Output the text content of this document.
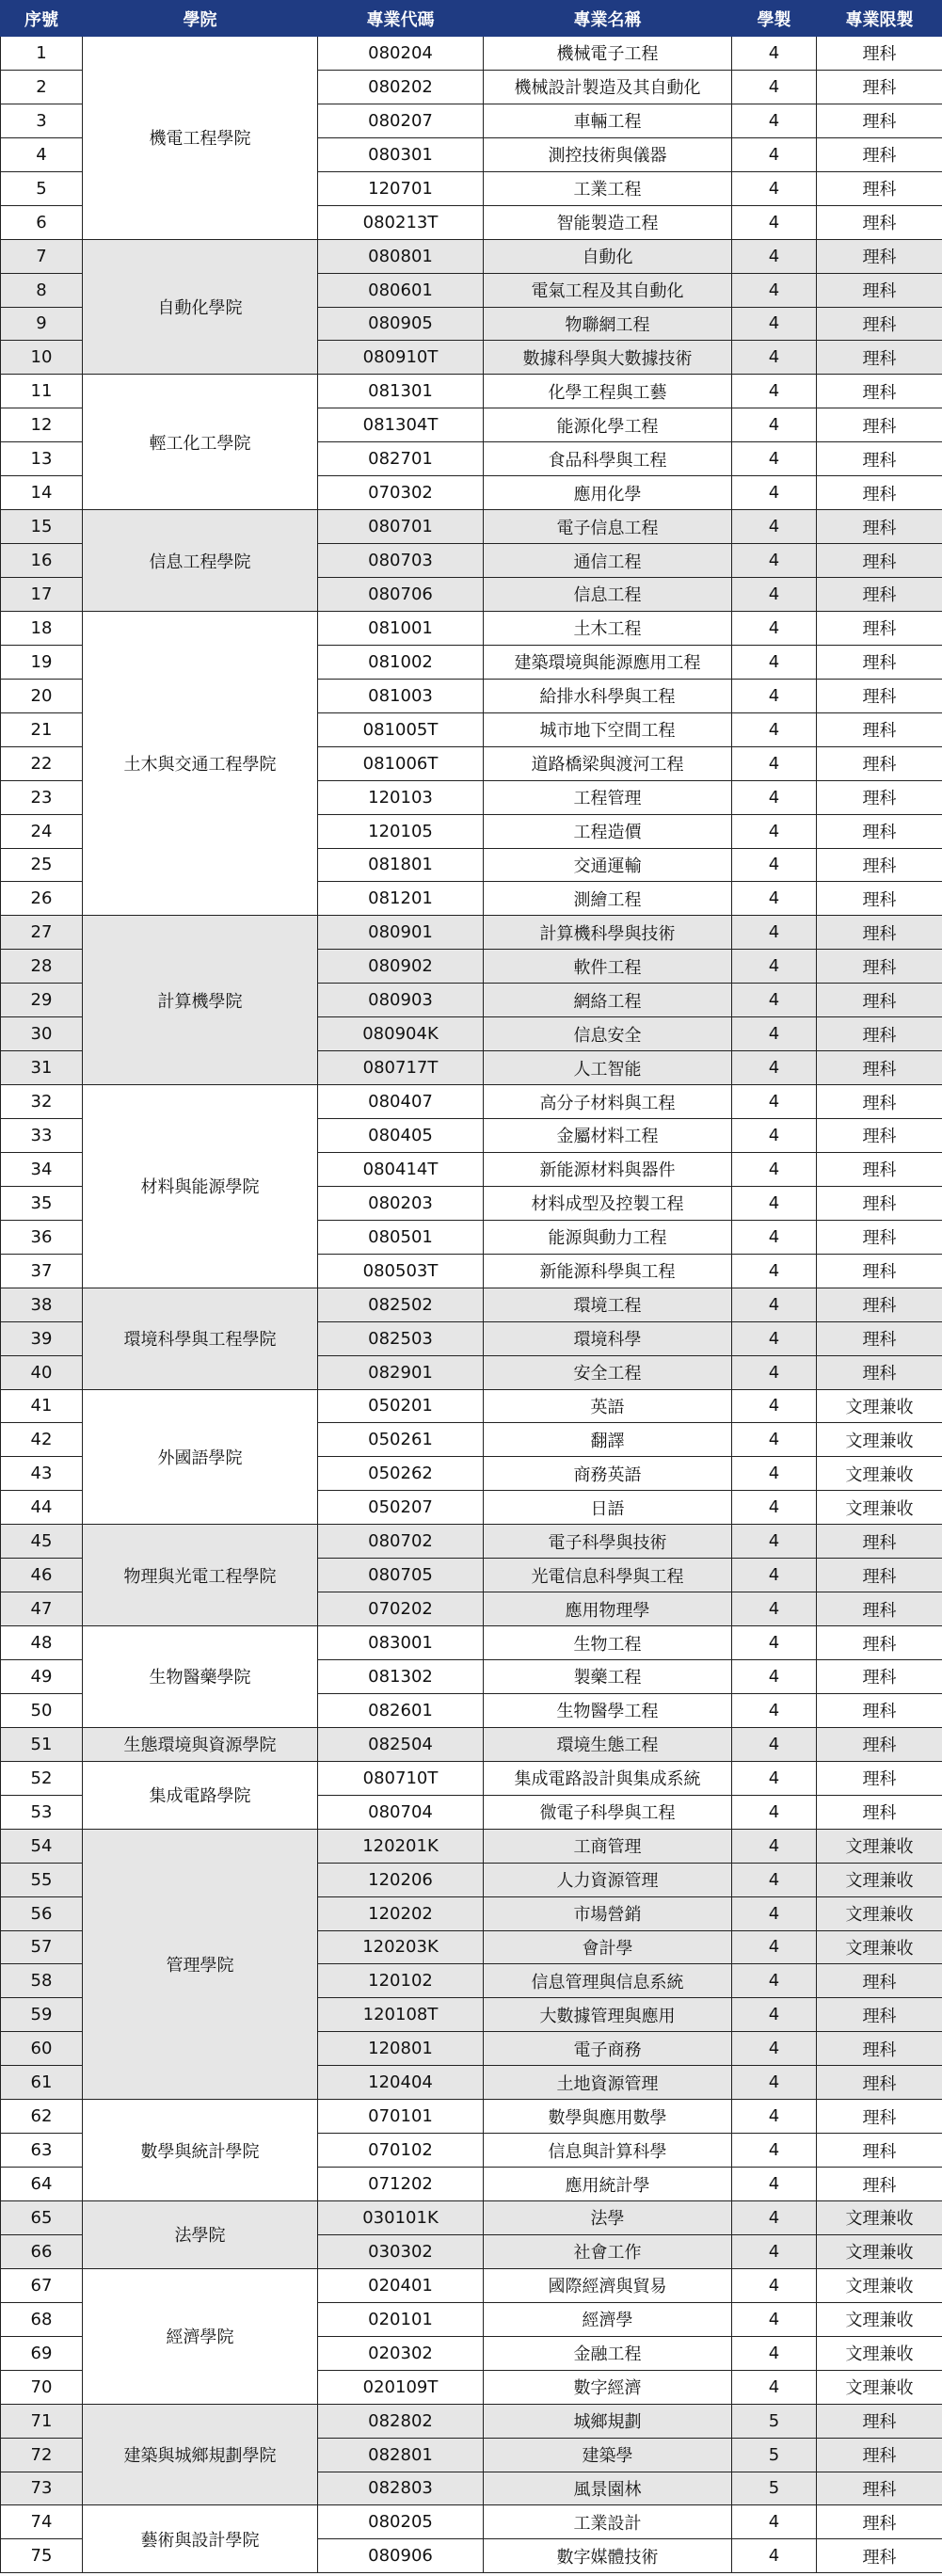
序號	學院	專業代碼	專業名稱	學製	專業限製
1	機電工程學院	080204	機械電子工程	4	理科
2		080202	機械設計製造及其自動化	4	理科
3		080207	車輛工程	4	理科
4		080301	測控技術與儀器	4	理科
5		120701	工業工程	4	理科
6		080213T	智能製造工程	4	理科
7	自動化學院	080801	自動化	4	理科
8		080601	電氣工程及其自動化	4	理科
9		080905	物聯網工程	4	理科
10		080910T	數據科學與大數據技術	4	理科
11	輕工化工學院	081301	化學工程與工藝	4	理科
12		081304T	能源化學工程	4	理科
13		082701	食品科學與工程	4	理科
14		070302	應用化學	4	理科
15	信息工程學院	080701	電子信息工程	4	理科
16		080703	通信工程	4	理科
17		080706	信息工程	4	理科
18	土木與交通工程學院	081001	土木工程	4	理科
19		081002	建築環境與能源應用工程	4	理科
20		081003	給排水科學與工程	4	理科
21		081005T	城市地下空間工程	4	理科
22		081006T	道路橋梁與渡河工程	4	理科
23		120103	工程管理	4	理科
24		120105	工程造價	4	理科
25		081801	交通運輸	4	理科
26		081201	測繪工程	4	理科
27	計算機學院	080901	計算機科學與技術	4	理科
28		080902	軟件工程	4	理科
29		080903	網絡工程	4	理科
30		080904K	信息安全	4	理科
31		080717T	人工智能	4	理科
32	材料與能源學院	080407	高分子材料與工程	4	理科
33		080405	金屬材料工程	4	理科
34		080414T	新能源材料與器件	4	理科
35		080203	材料成型及控製工程	4	理科
36		080501	能源與動力工程	4	理科
37		080503T	新能源科學與工程	4	理科
38	環境科學與工程學院	082502	環境工程	4	理科
39		082503	環境科學	4	理科
40		082901	安全工程	4	理科
41	外國語學院	050201	英語	4	文理兼收
42		050261	翻譯	4	文理兼收
43		050262	商務英語	4	文理兼收
44		050207	日語	4	文理兼收
45	物理與光電工程學院	080702	電子科學與技術	4	理科
46		080705	光電信息科學與工程	4	理科
47		070202	應用物理學	4	理科
48	生物醫藥學院	083001	生物工程	4	理科
49		081302	製藥工程	4	理科
50		082601	生物醫學工程	4	理科
51	生態環境與資源學院	082504	環境生態工程	4	理科
52	集成電路學院	080710T	集成電路設計與集成系統	4	理科
53		080704	微電子科學與工程	4	理科
54	管理學院	120201K	工商管理	4	文理兼收
55		120206	人力資源管理	4	文理兼收
56		120202	市場營銷	4	文理兼收
57		120203K	會計學	4	文理兼收
58		120102	信息管理與信息系統	4	理科
59		120108T	大數據管理與應用	4	理科
60		120801	電子商務	4	理科
61		120404	土地資源管理	4	理科
62	數學與統計學院	070101	數學與應用數學	4	理科
63		070102	信息與計算科學	4	理科
64		071202	應用統計學	4	理科
65	法學院	030101K	法學	4	文理兼收
66		030302	社會工作	4	文理兼收
67	經濟學院	020401	國際經濟與貿易	4	文理兼收
68		020101	經濟學	4	文理兼收
69		020302	金融工程	4	文理兼收
70		020109T	數字經濟	4	文理兼收
71	建築與城鄉規劃學院	082802	城鄉規劃	5	理科
72		082801	建築學	5	理科
73		082803	風景園林	5	理科
74	藝術與設計學院	080205	工業設計	4	理科
75		080906	數字媒體技術	4	理科
